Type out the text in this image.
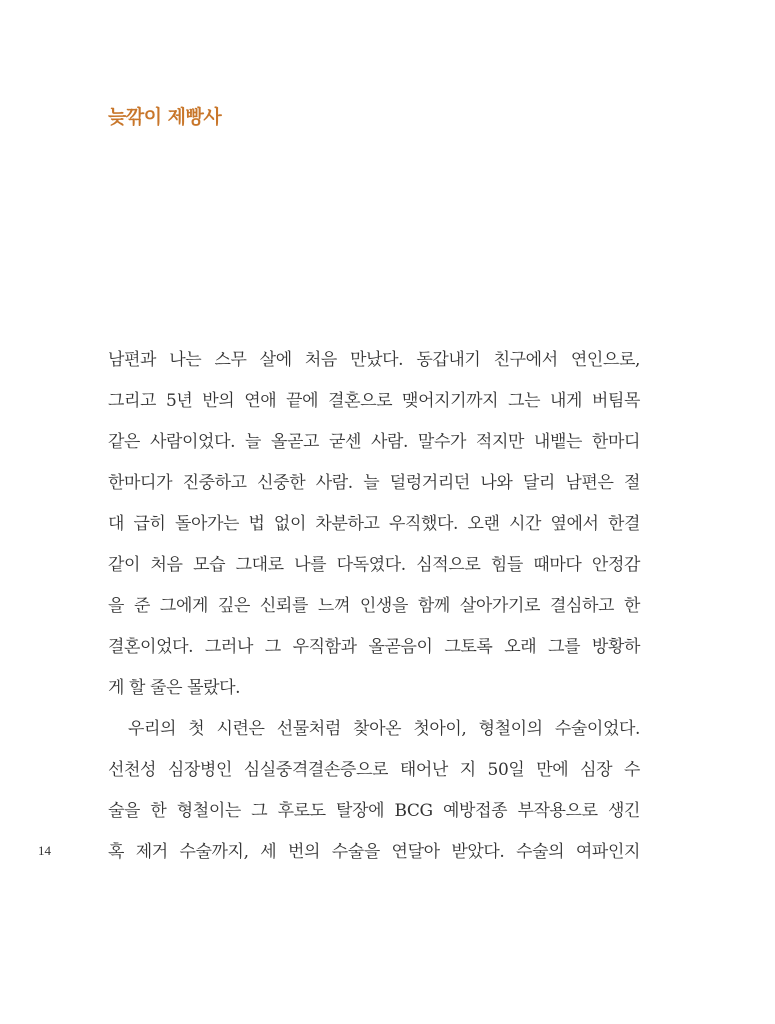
늦깎이 제빵사
남편과 나는 스무 살에 처음 만났다. 동갑내기 친구에서 연인으로,
그리고 5년 반의 연애 끝에 결혼으로 맺어지기까지 그는 내게 버팀목
같은 사람이었다. 늘 올곧고 굳센 사람. 말수가 적지만 내뱉는 한마디
한마디가 진중하고 신중한 사람. 늘 덜렁거리던 나와 달리 남편은 절
대 급히 돌아가는 법 없이 차분하고 우직했다. 오랜 시간 옆에서 한결
같이 처음 모습 그대로 나를 다독였다. 심적으로 힘들 때마다 안정감
을 준 그에게 깊은 신뢰를 느껴 인생을 함께 살아가기로 결심하고 한
결혼이었다. 그러나 그 우직함과 올곧음이 그토록 오래 그를 방황하
게 할 줄은 몰랐다.
우리의 첫 시련은 선물처럼 찾아온 첫아이, 형철이의 수술이었다.
선천성 심장병인 심실중격결손증으로 태어난 지 50일 만에 심장 수
술을 한 형철이는 그 후로도 탈장에 BCG 예방접종 부작용으로 생긴
혹 제거 수술까지, 세 번의 수술을 연달아 받았다. 수술의 여파인지
14
